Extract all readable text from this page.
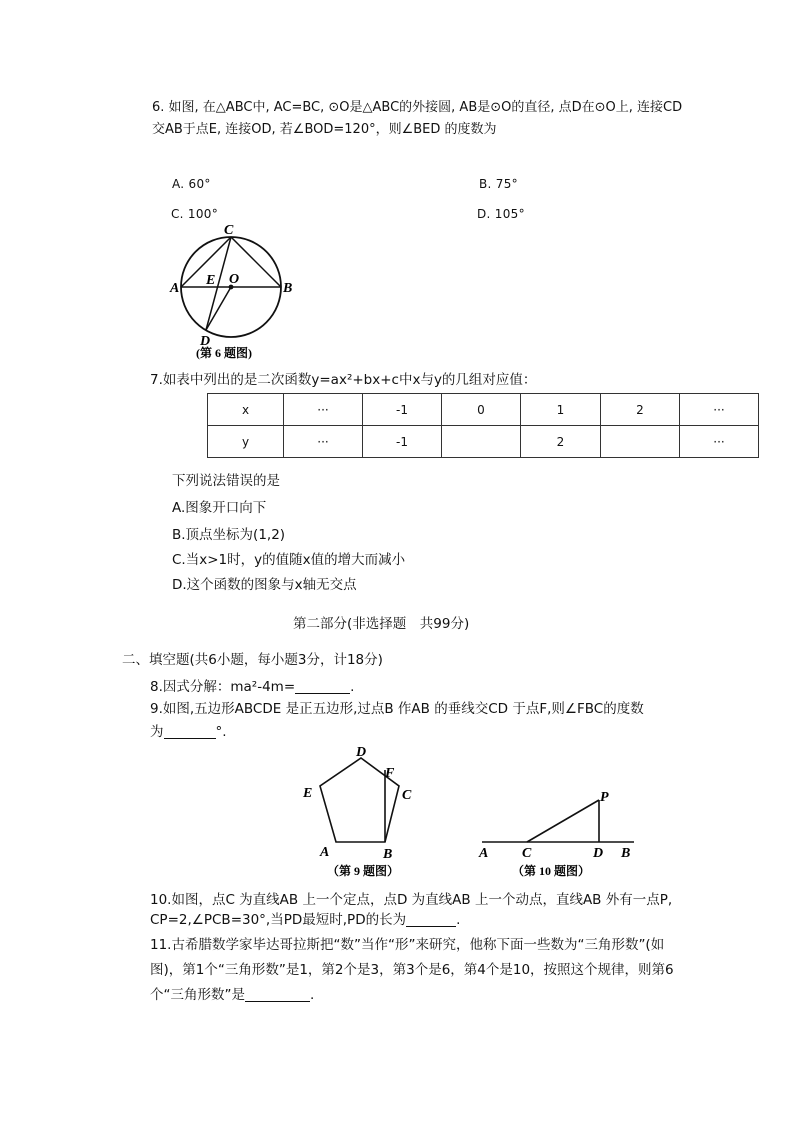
6. 如图, 在△ABC中, AC=BC, ⊙O是△ABC的外接圆, AB是⊙O的直径, 点D在⊙O上, 连接CD
交AB于点E, 连接OD, 若∠BOD=120°，则∠BED 的度数为
A. 60°	B. 75°
C. 100°	D. 105°
C
E O
A	B
D
(第 6 题图)
7.如表中列出的是二次函数y=ax²+bx+c中x与y的几组对应值：
x	···	-1	0	1	2	···
y	···	-1		2		···
下列说法错误的是
A.图象开口向下
B.顶点坐标为(1,2)
C.当x>1时，y的值随x值的增大而减小
D.这个函数的图象与x轴无交点
第二部分(非选择题　共99分)
二、填空题(共6小题，每小题3分，计18分)
8.因式分解：ma²-4m=	.
9.如图,五边形ABCDE 是正五边形,过点B 作AB 的垂线交CD 于点F,则∠FBC的度数
为	°.
D
F
E	C
A	B
（第 9 题图）
P
A C	D B
（第 10 题图）
10.如图，点C 为直线AB 上一个定点，点D 为直线AB 上一个动点，直线AB 外有一点P,
CP=2,∠PCB=30°,当PD最短时,PD的长为	.
11.古希腊数学家毕达哥拉斯把“数”当作“形”来研究，他称下面一些数为“三角形数”(如
图)，第1个“三角形数”是1，第2个是3，第3个是6，第4个是10，按照这个规律，则第6
个“三角形数”是	.
